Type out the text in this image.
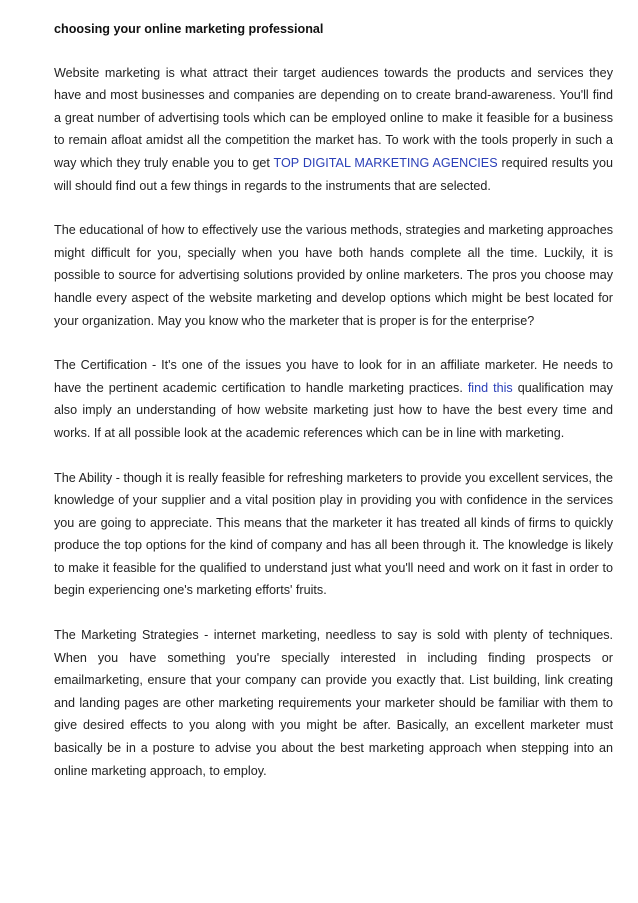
choosing your online marketing professional

Website marketing is what attract their target audiences towards the products and services they have and most businesses and companies are depending on to create brand-awareness. You'll find a great number of advertising tools which can be employed online to make it feasible for a business to remain afloat amidst all the competition the market has. To work with the tools properly in such a way which they truly enable you to get TOP DIGITAL MARKETING AGENCIES required results you will should find out a few things in regards to the instruments that are selected.

The educational of how to effectively use the various methods, strategies and marketing approaches might difficult for you, specially when you have both hands complete all the time. Luckily, it is possible to source for advertising solutions provided by online marketers. The pros you choose may handle every aspect of the website marketing and develop options which might be best located for your organization. May you know who the marketer that is proper is for the enterprise?

The Certification - It's one of the issues you have to look for in an affiliate marketer. He needs to have the pertinent academic certification to handle marketing practices. find this qualification may also imply an understanding of how website marketing just how to have the best every time and works. If at all possible look at the academic references which can be in line with marketing.

The Ability - though it is really feasible for refreshing marketers to provide you excellent services, the knowledge of your supplier and a vital position play in providing you with confidence in the services you are going to appreciate. This means that the marketer it has treated all kinds of firms to quickly produce the top options for the kind of company and has all been through it. The knowledge is likely to make it feasible for the qualified to understand just what you'll need and work on it fast in order to begin experiencing one's marketing efforts' fruits.

The Marketing Strategies - internet marketing, needless to say is sold with plenty of techniques. When you have something you're specially interested in including finding prospects or emailmarketing, ensure that your company can provide you exactly that. List building, link creating and landing pages are other marketing requirements your marketer should be familiar with them to give desired effects to you along with you might be after. Basically, an excellent marketer must basically be in a posture to advise you about the best marketing approach when stepping into an online marketing approach, to employ.
